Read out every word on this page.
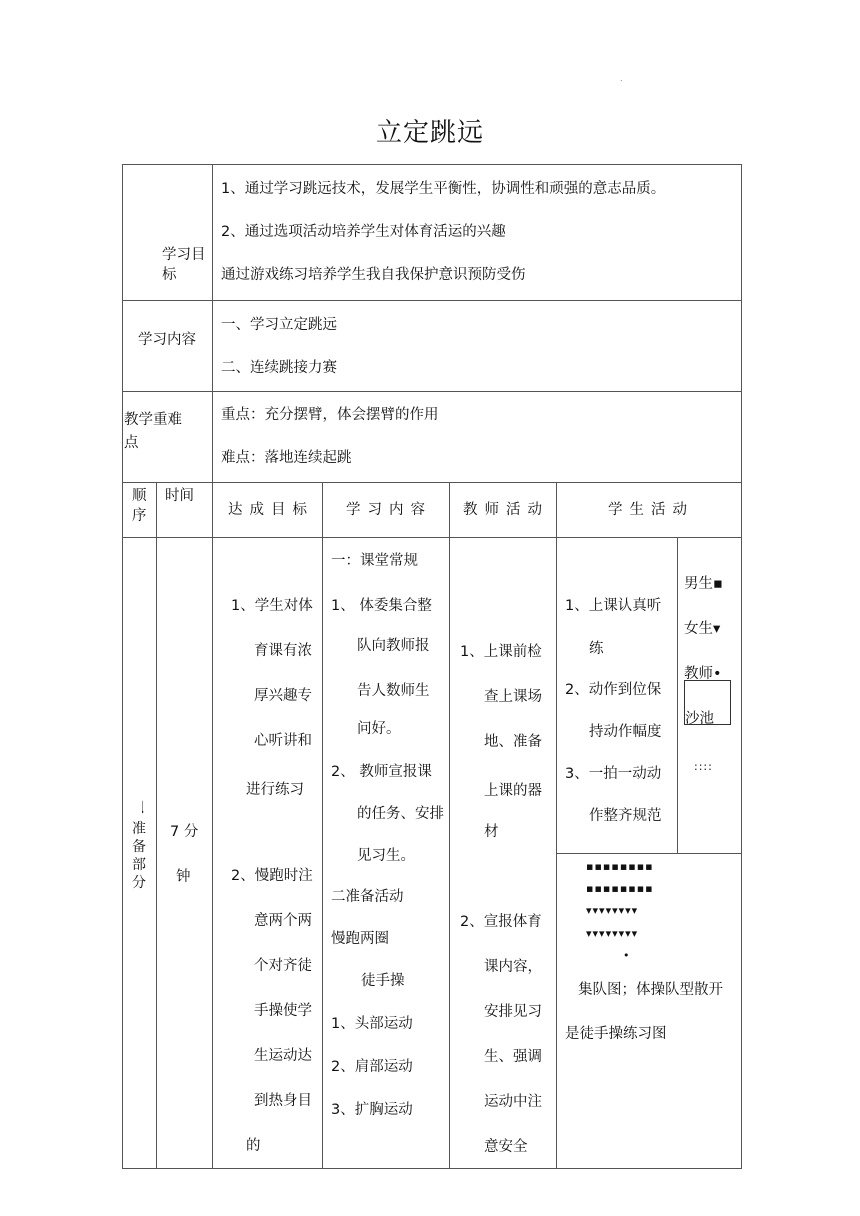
.
立定跳远
学习目
标
1、通过学习跳远技术，发展学生平衡性，协调性和顽强的意志品质。
2、通过选项活动培养学生对体育活运的兴趣
通过游戏练习培养学生我自我保护意识预防受伤
学习内容
一、学习立定跳远
二、连续跳接力赛
教学重难
点
重点：充分摆臂，体会摆臂的作用
难点：落地连续起跳
顺
序
时间
达成目标 学习内容 教师活动	学生活动
一
准
备
部
分
7 分
钟
1、学生对体
育课有浓
厚兴趣专
心听讲和
进行练习
2、慢跑时注
意两个两
个对齐徒
手操使学
生运动达
到热身目
的
一：课堂常规
1、 体委集合整
队向教师报
告人数师生
问好。
2、 教师宣报课
的任务、安排
见习生。
二准备活动
慢跑两圈
徒手操
1、头部运动
2、肩部运动
3、扩胸运动
1、上课前检
查上课场
地、准备
上课的器
材
2、宣报体育
课内容，
安排见习
生、强调
运动中注
意安全
1、上课认真听
练
2、动作到位保
持动作幅度
3、一拍一动动
作整齐规范
男生▪
女生▾
教师•
沙池
::::
▪▪▪▪▪▪▪▪
▪▪▪▪▪▪▪▪
▾▾▾▾▾▾▾▾
▾▾▾▾▾▾▾▾
•
集队图；体操队型散开
是徒手操练习图
